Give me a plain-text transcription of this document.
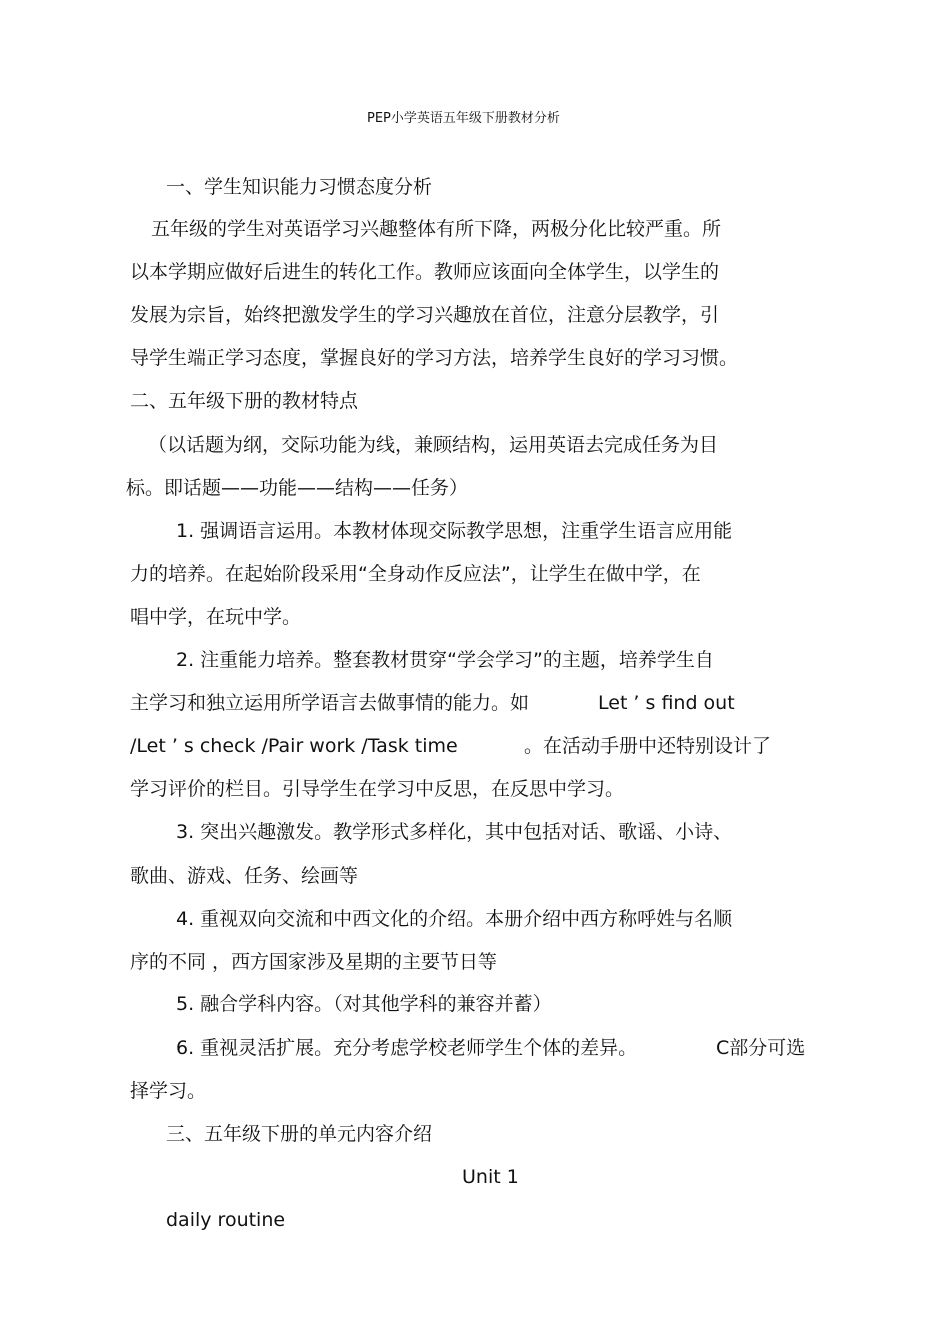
PEP小学英语五年级下册教材分析
一、学生知识能力习惯态度分析
五年级的学生对英语学习兴趣整体有所下降，两极分化比较严重。所
以本学期应做好后进生的转化工作。教师应该面向全体学生，以学生的
发展为宗旨，始终把激发学生的学习兴趣放在首位，注意分层教学，引
导学生端正学习态度，掌握良好的学习方法，培养学生良好的学习习惯。
二、五年级下册的教材特点
（以话题为纲，交际功能为线，兼顾结构，运用英语去完成任务为目
标。即话题——功能——结构——任务）
1. 强调语言运用。本教材体现交际教学思想，注重学生语言应用能
力的培养。在起始阶段采用“全身动作反应法”，让学生在做中学，在
唱中学，在玩中学。
2. 注重能力培养。整套教材贯穿“学会学习”的主题，培养学生自
主学习和独立运用所学语言去做事情的能力。如	Let ’ s find out
/Let ’ s check /Pair work /Task time	。在活动手册中还特别设计了
学习评价的栏目。引导学生在学习中反思，在反思中学习。
3. 突出兴趣激发。教学形式多样化，其中包括对话、歌谣、小诗、
歌曲、游戏、任务、绘画等
4. 重视双向交流和中西文化的介绍。本册介绍中西方称呼姓与名顺
序的不同 ，西方国家涉及星期的主要节日等
5. 融合学科内容。（对其他学科的兼容并蓄）
6. 重视灵活扩展。充分考虑学校老师学生个体的差异。	C部分可选
择学习。
三、五年级下册的单元内容介绍
Unit 1
daily routine
